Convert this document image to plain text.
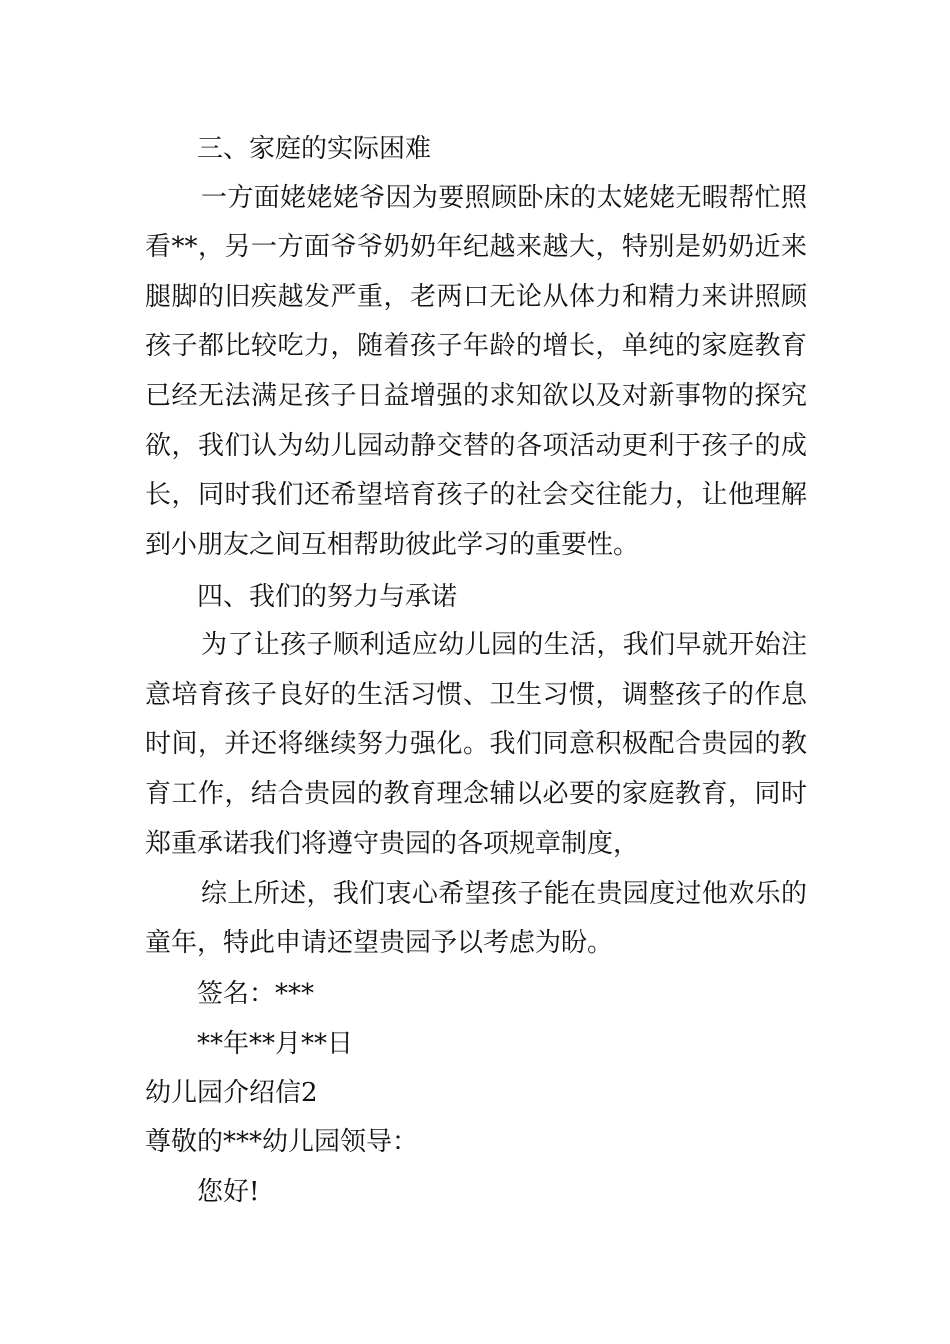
三、家庭的实际困难
一方面姥姥姥爷因为要照顾卧床的太姥姥无暇帮忙照
看**，另一方面爷爷奶奶年纪越来越大，特别是奶奶近来
腿脚的旧疾越发严重，老两口无论从体力和精力来讲照顾
孩子都比较吃力，随着孩子年龄的增长，单纯的家庭教育
已经无法满足孩子日益增强的求知欲以及对新事物的探究
欲，我们认为幼儿园动静交替的各项活动更利于孩子的成
长，同时我们还希望培育孩子的社会交往能力，让他理解
到小朋友之间互相帮助彼此学习的重要性。
四、我们的努力与承诺
为了让孩子顺利适应幼儿园的生活，我们早就开始注
意培育孩子良好的生活习惯、卫生习惯，调整孩子的作息
时间，并还将继续努力强化。我们同意积极配合贵园的教
育工作，结合贵园的教育理念辅以必要的家庭教育，同时
郑重承诺我们将遵守贵园的各项规章制度，
综上所述，我们衷心希望孩子能在贵园度过他欢乐的
童年，特此申请还望贵园予以考虑为盼。
签名：***
**年**月**日
幼儿园介绍信2
尊敬的***幼儿园领导：
您好!
